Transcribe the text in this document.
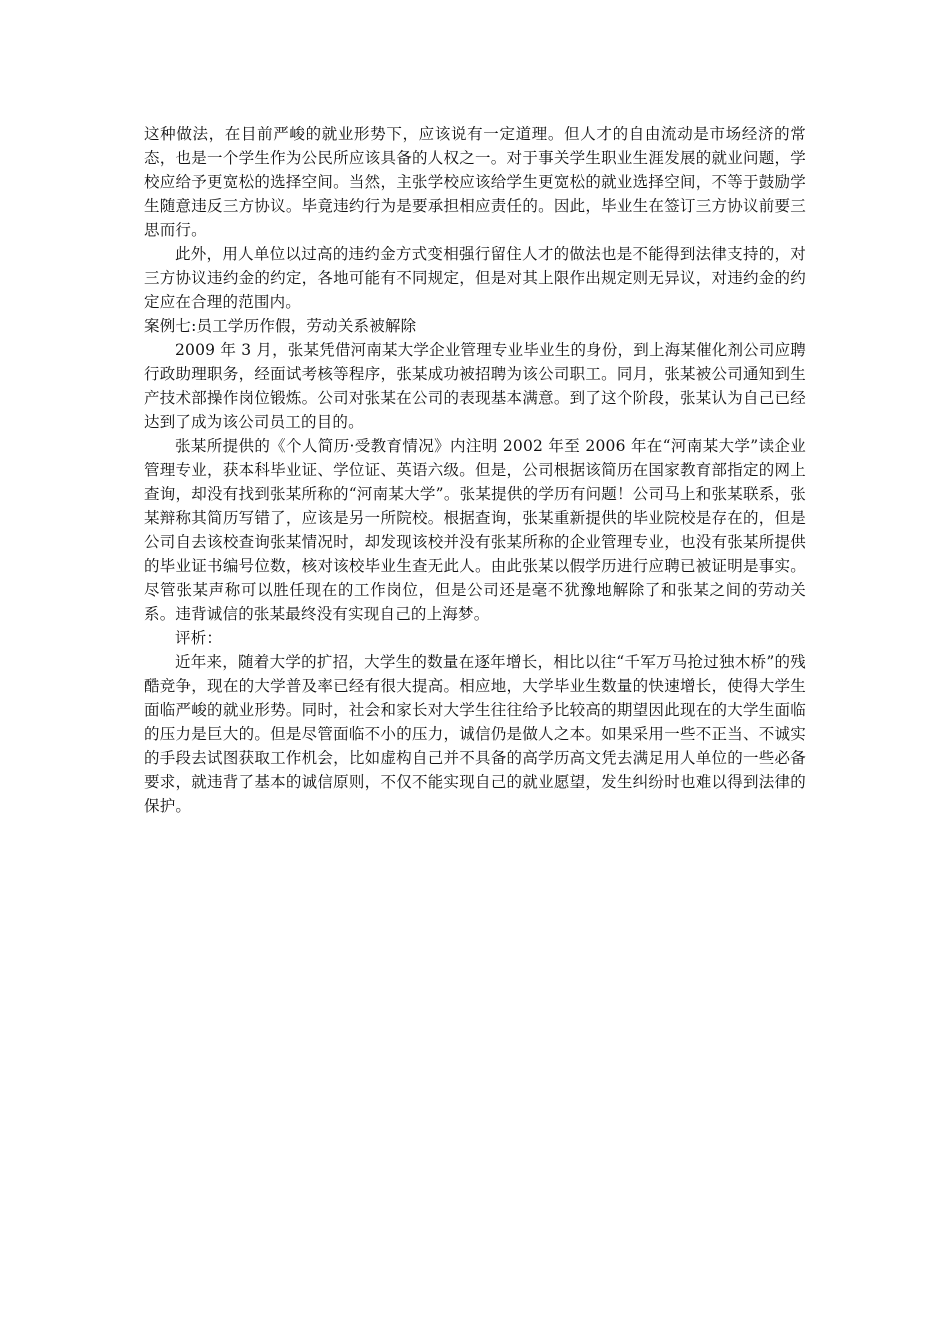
这种做法，在目前严峻的就业形势下，应该说有一定道理。但人才的自由流动是市场经济的常态，也是一个学生作为公民所应该具备的人权之一。对于事关学生职业生涯发展的就业问题，学校应给予更宽松的选择空间。当然，主张学校应该给学生更宽松的就业选择空间，不等于鼓励学生随意违反三方协议。毕竟违约行为是要承担相应责任的。因此，毕业生在签订三方协议前要三思而行。

此外，用人单位以过高的违约金方式变相强行留住人才的做法也是不能得到法律支持的，对三方协议违约金的约定，各地可能有不同规定，但是对其上限作出规定则无异议，对违约金的约定应在合理的范围内。

案例七:员工学历作假，劳动关系被解除

2009 年 3 月，张某凭借河南某大学企业管理专业毕业生的身份，到上海某催化剂公司应聘行政助理职务，经面试考核等程序，张某成功被招聘为该公司职工。同月，张某被公司通知到生产技术部操作岗位锻炼。公司对张某在公司的表现基本满意。到了这个阶段，张某认为自己已经达到了成为该公司员工的目的。

张某所提供的《个人简历·受教育情况》内注明 2002 年至 2006 年在“河南某大学”读企业管理专业，获本科毕业证、学位证、英语六级。但是，公司根据该简历在国家教育部指定的网上查询，却没有找到张某所称的“河南某大学”。张某提供的学历有问题！公司马上和张某联系，张某辩称其简历写错了，应该是另一所院校。根据查询，张某重新提供的毕业院校是存在的，但是公司自去该校查询张某情况时，却发现该校并没有张某所称的企业管理专业，也没有张某所提供的毕业证书编号位数，核对该校毕业生查无此人。由此张某以假学历进行应聘已被证明是事实。尽管张某声称可以胜任现在的工作岗位，但是公司还是毫不犹豫地解除了和张某之间的劳动关系。违背诚信的张某最终没有实现自己的上海梦。

评析：

近年来，随着大学的扩招，大学生的数量在逐年增长，相比以往“千军万马抢过独木桥”的残酷竞争，现在的大学普及率已经有很大提高。相应地，大学毕业生数量的快速增长，使得大学生面临严峻的就业形势。同时，社会和家长对大学生往往给予比较高的期望因此现在的大学生面临的压力是巨大的。但是尽管面临不小的压力，诚信仍是做人之本。如果采用一些不正当、不诚实的手段去试图获取工作机会，比如虚构自己并不具备的高学历高文凭去满足用人单位的一些必备要求，就违背了基本的诚信原则，不仅不能实现自己的就业愿望，发生纠纷时也难以得到法律的保护。
